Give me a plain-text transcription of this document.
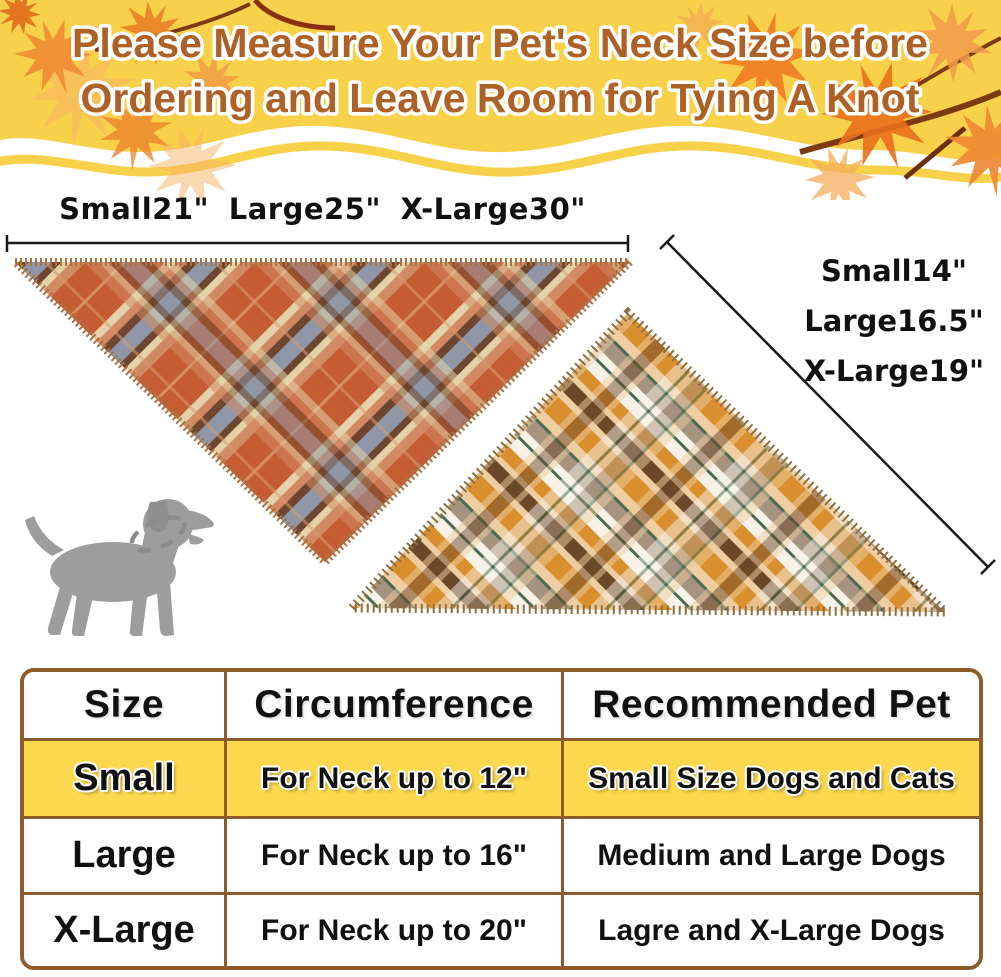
Please Measure Your Pet's Neck Size before
Ordering and Leave Room for Tying A Knot
Small21" Large25" X-Large30"
Small14"
Large16.5"
X-Large19"
Size	Circumference	Recommended Pet
Small	For Neck up to 12"	Small Size Dogs and Cats
Large	For Neck up to 16"	Medium and Large Dogs
X-Large	For Neck up to 20"	Lagre and X-Large Dogs
